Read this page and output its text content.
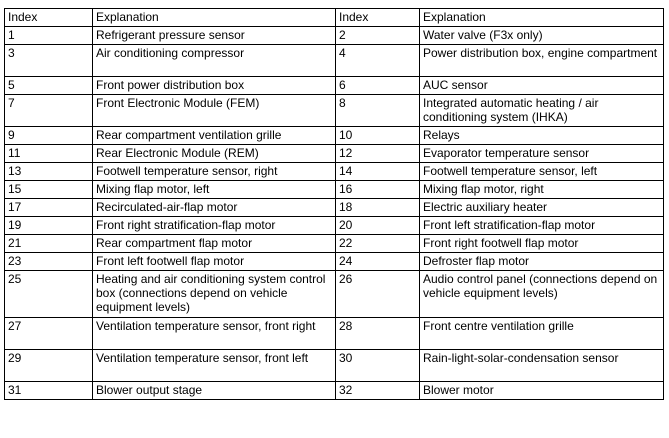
Index	Explanation	Index	Explanation
1	Refrigerant pressure sensor	2	Water valve (F3x only)
3	Air conditioning compressor	4	Power distribution box, engine compartment
5	Front power distribution box	6	AUC sensor
7	Front Electronic Module (FEM)	8	Integrated automatic heating / air conditioning system (IHKA)
9	Rear compartment ventilation grille	10	Relays
11	Rear Electronic Module (REM)	12	Evaporator temperature sensor
13	Footwell temperature sensor, right	14	Footwell temperature sensor, left
15	Mixing flap motor, left	16	Mixing flap motor, right
17	Recirculated-air-flap motor	18	Electric auxiliary heater
19	Front right stratification-flap motor	20	Front left stratification-flap motor
21	Rear compartment flap motor	22	Front right footwell flap motor
23	Front left footwell flap motor	24	Defroster flap motor
25	Heating and air conditioning system control box (connections depend on vehicle equipment levels)	26	Audio control panel (connections depend on vehicle equipment levels)
27	Ventilation temperature sensor, front right	28	Front centre ventilation grille
29	Ventilation temperature sensor, front left	30	Rain-light-solar-condensation sensor
31	Blower output stage	32	Blower motor
